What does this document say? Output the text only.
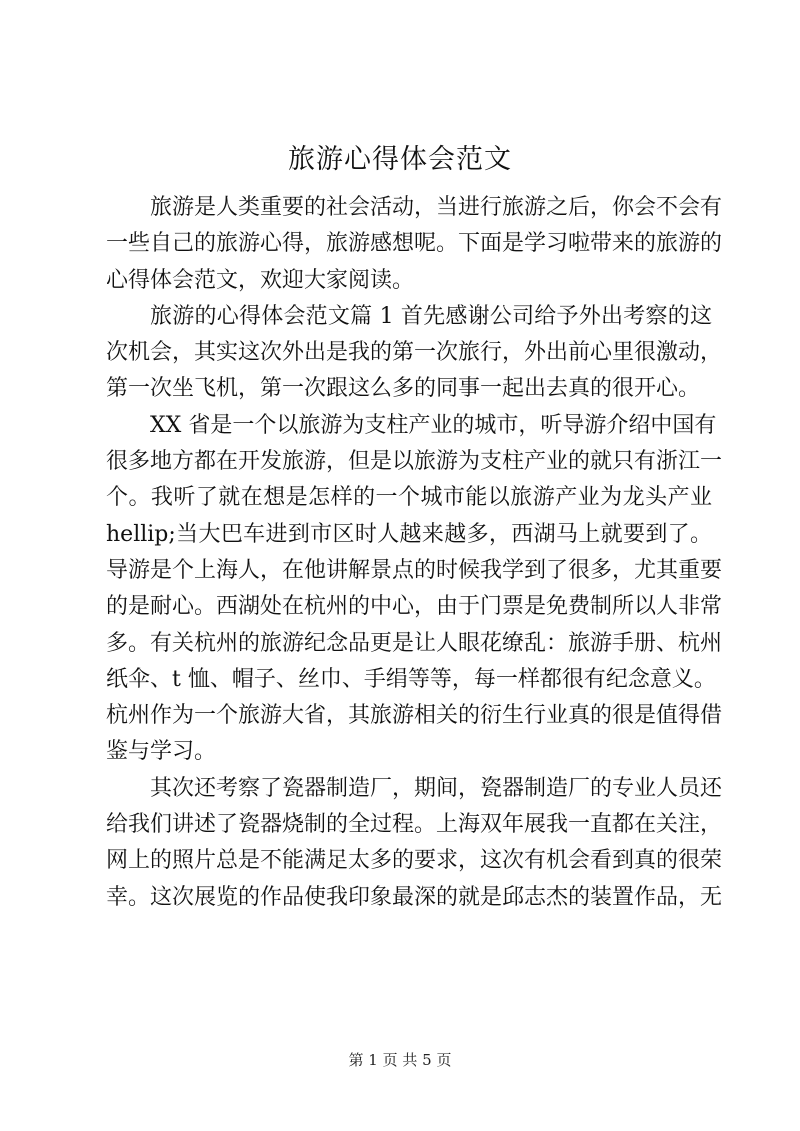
旅游心得体会范文
旅游是人类重要的社会活动，当进行旅游之后，你会不会有
一些自己的旅游心得，旅游感想呢。下面是学习啦带来的旅游的
心得体会范文，欢迎大家阅读。
旅游的心得体会范文篇 1 首先感谢公司给予外出考察的这
次机会，其实这次外出是我的第一次旅行，外出前心里很激动，
第一次坐飞机，第一次跟这么多的同事一起出去真的很开心。
XX 省是一个以旅游为支柱产业的城市，听导游介绍中国有
很多地方都在开发旅游，但是以旅游为支柱产业的就只有浙江一
个。我听了就在想是怎样的一个城市能以旅游产业为龙头产业
hellip;当大巴车进到市区时人越来越多，西湖马上就要到了。
导游是个上海人，在他讲解景点的时候我学到了很多，尤其重要
的是耐心。西湖处在杭州的中心，由于门票是免费制所以人非常
多。有关杭州的旅游纪念品更是让人眼花缭乱：旅游手册、杭州
纸伞、t 恤、帽子、丝巾、手绢等等，每一样都很有纪念意义。
杭州作为一个旅游大省，其旅游相关的衍生行业真的很是值得借
鉴与学习。
其次还考察了瓷器制造厂，期间，瓷器制造厂的专业人员还
给我们讲述了瓷器烧制的全过程。上海双年展我一直都在关注，
网上的照片总是不能满足太多的要求，这次有机会看到真的很荣
幸。这次展览的作品使我印象最深的就是邱志杰的装置作品，无
第 1 页 共 5 页
